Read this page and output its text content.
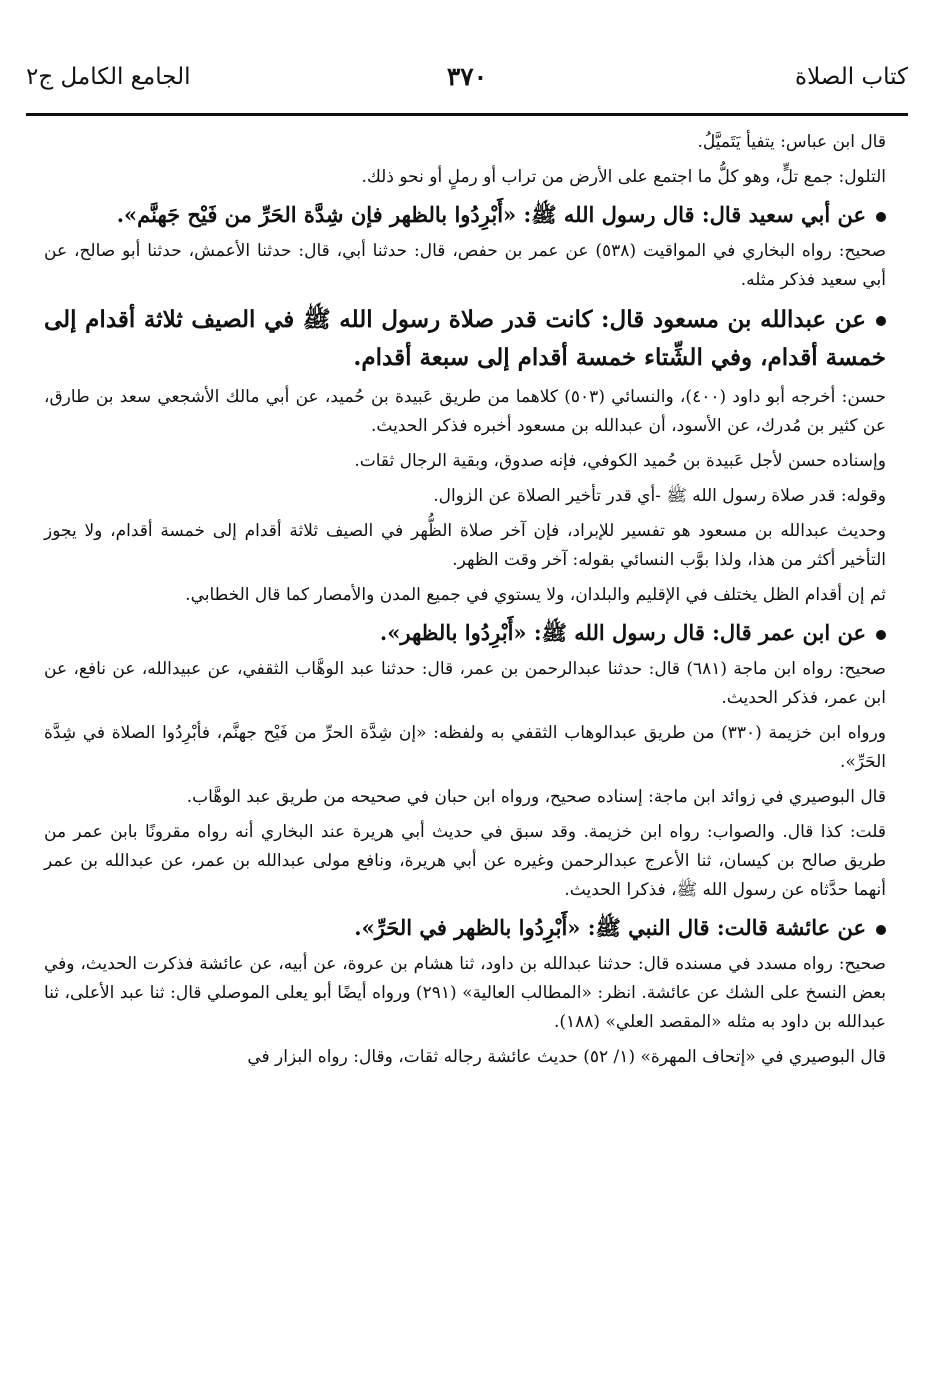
كتاب الصلاة
٣٧٠
الجامع الكامل ج٢
قال ابن عباس: يتفيأ يَتَميَّلُ.
التلول: جمع تلٍّ، وهو كلُّ ما اجتمع على الأرض من تراب أو رملٍ أو نحو ذلك.
عن أبي سعيد قال: قال رسول الله ﷺ: «أَبْرِدُوا بالظهر فإن شِدَّة الحَرِّ من فَيْح جَهنَّم».
صحيح: رواه البخاري في المواقيت (٥٣٨) عن عمر بن حفص، قال: حدثنا أبي، قال: حدثنا الأعمش، حدثنا أبو صالح، عن أبي سعيد فذكر مثله.
عن عبدالله بن مسعود قال: كانت قدر صلاة رسول الله ﷺ في الصيف ثلاثة أقدام إلى خمسة أقدام، وفي الشِّتاء خمسة أقدام إلى سبعة أقدام.
حسن: أخرجه أبو داود (٤٠٠)، والنسائي (٥٠٣) كلاهما من طريق عَبيدة بن حُميد، عن أبي مالك الأشجعي سعد بن طارق، عن كثير بن مُدرك، عن الأسود، أن عبدالله بن مسعود أخبره فذكر الحديث.
وإسناده حسن لأجل عَبيدة بن حُميد الكوفي، فإنه صدوق، وبقية الرجال ثقات.
وقوله: قدر صلاة رسول الله ﷺ -أي قدر تأخير الصلاة عن الزوال.
وحديث عبدالله بن مسعود هو تفسير للإبراد، فإن آخر صلاة الظُّهر في الصيف ثلاثة أقدام إلى خمسة أقدام، ولا يجوز التأخير أكثر من هذا، ولذا بوَّب النسائي بقوله: آخر وقت الظهر.
ثم إن أقدام الظل يختلف في الإقليم والبلدان، ولا يستوي في جميع المدن والأمصار كما قال الخطابي.
عن ابن عمر قال: قال رسول الله ﷺ: «أَبْرِدُوا بالظهر».
صحيح: رواه ابن ماجة (٦٨١) قال: حدثنا عبدالرحمن بن عمر، قال: حدثنا عبد الوهَّاب الثقفي، عن عبيدالله، عن نافع، عن ابن عمر، فذكر الحديث.
ورواه ابن خزيمة (٣٣٠) من طريق عبدالوهاب الثقفي به ولفظه: «إن شِدَّة الحرِّ من فَيْح جهنَّم، فأبْرِدُوا الصلاة في شِدَّة الحَرِّ».
قال البوصيري في زوائد ابن ماجة: إسناده صحيح، ورواه ابن حبان في صحيحه من طريق عبد الوهَّاب.
قلت: كذا قال. والصواب: رواه ابن خزيمة. وقد سبق في حديث أبي هريرة عند البخاري أنه رواه مقرونًا بابن عمر من طريق صالح بن كيسان، ثنا الأعرج عبدالرحمن وغيره عن أبي هريرة، ونافع مولى عبدالله بن عمر، عن عبدالله بن عمر أنهما حدَّثاه عن رسول الله ﷺ، فذكرا الحديث.
عن عائشة قالت: قال النبي ﷺ: «أَبْرِدُوا بالظهر في الحَرِّ».
صحيح: رواه مسدد في مسنده قال: حدثنا عبدالله بن داود، ثنا هشام بن عروة، عن أبيه، عن عائشة فذكرت الحديث، وفي بعض النسخ على الشك عن عائشة. انظر: «المطالب العالية» (٢٩١) ورواه أيضًا أبو يعلى الموصلي قال: ثنا عبد الأعلى، ثنا عبدالله بن داود به مثله «المقصد العلي» (١٨٨).
قال البوصيري في «إتحاف المهرة» (١/ ٥٢) حديث عائشة رجاله ثقات، وقال: رواه البزار في
